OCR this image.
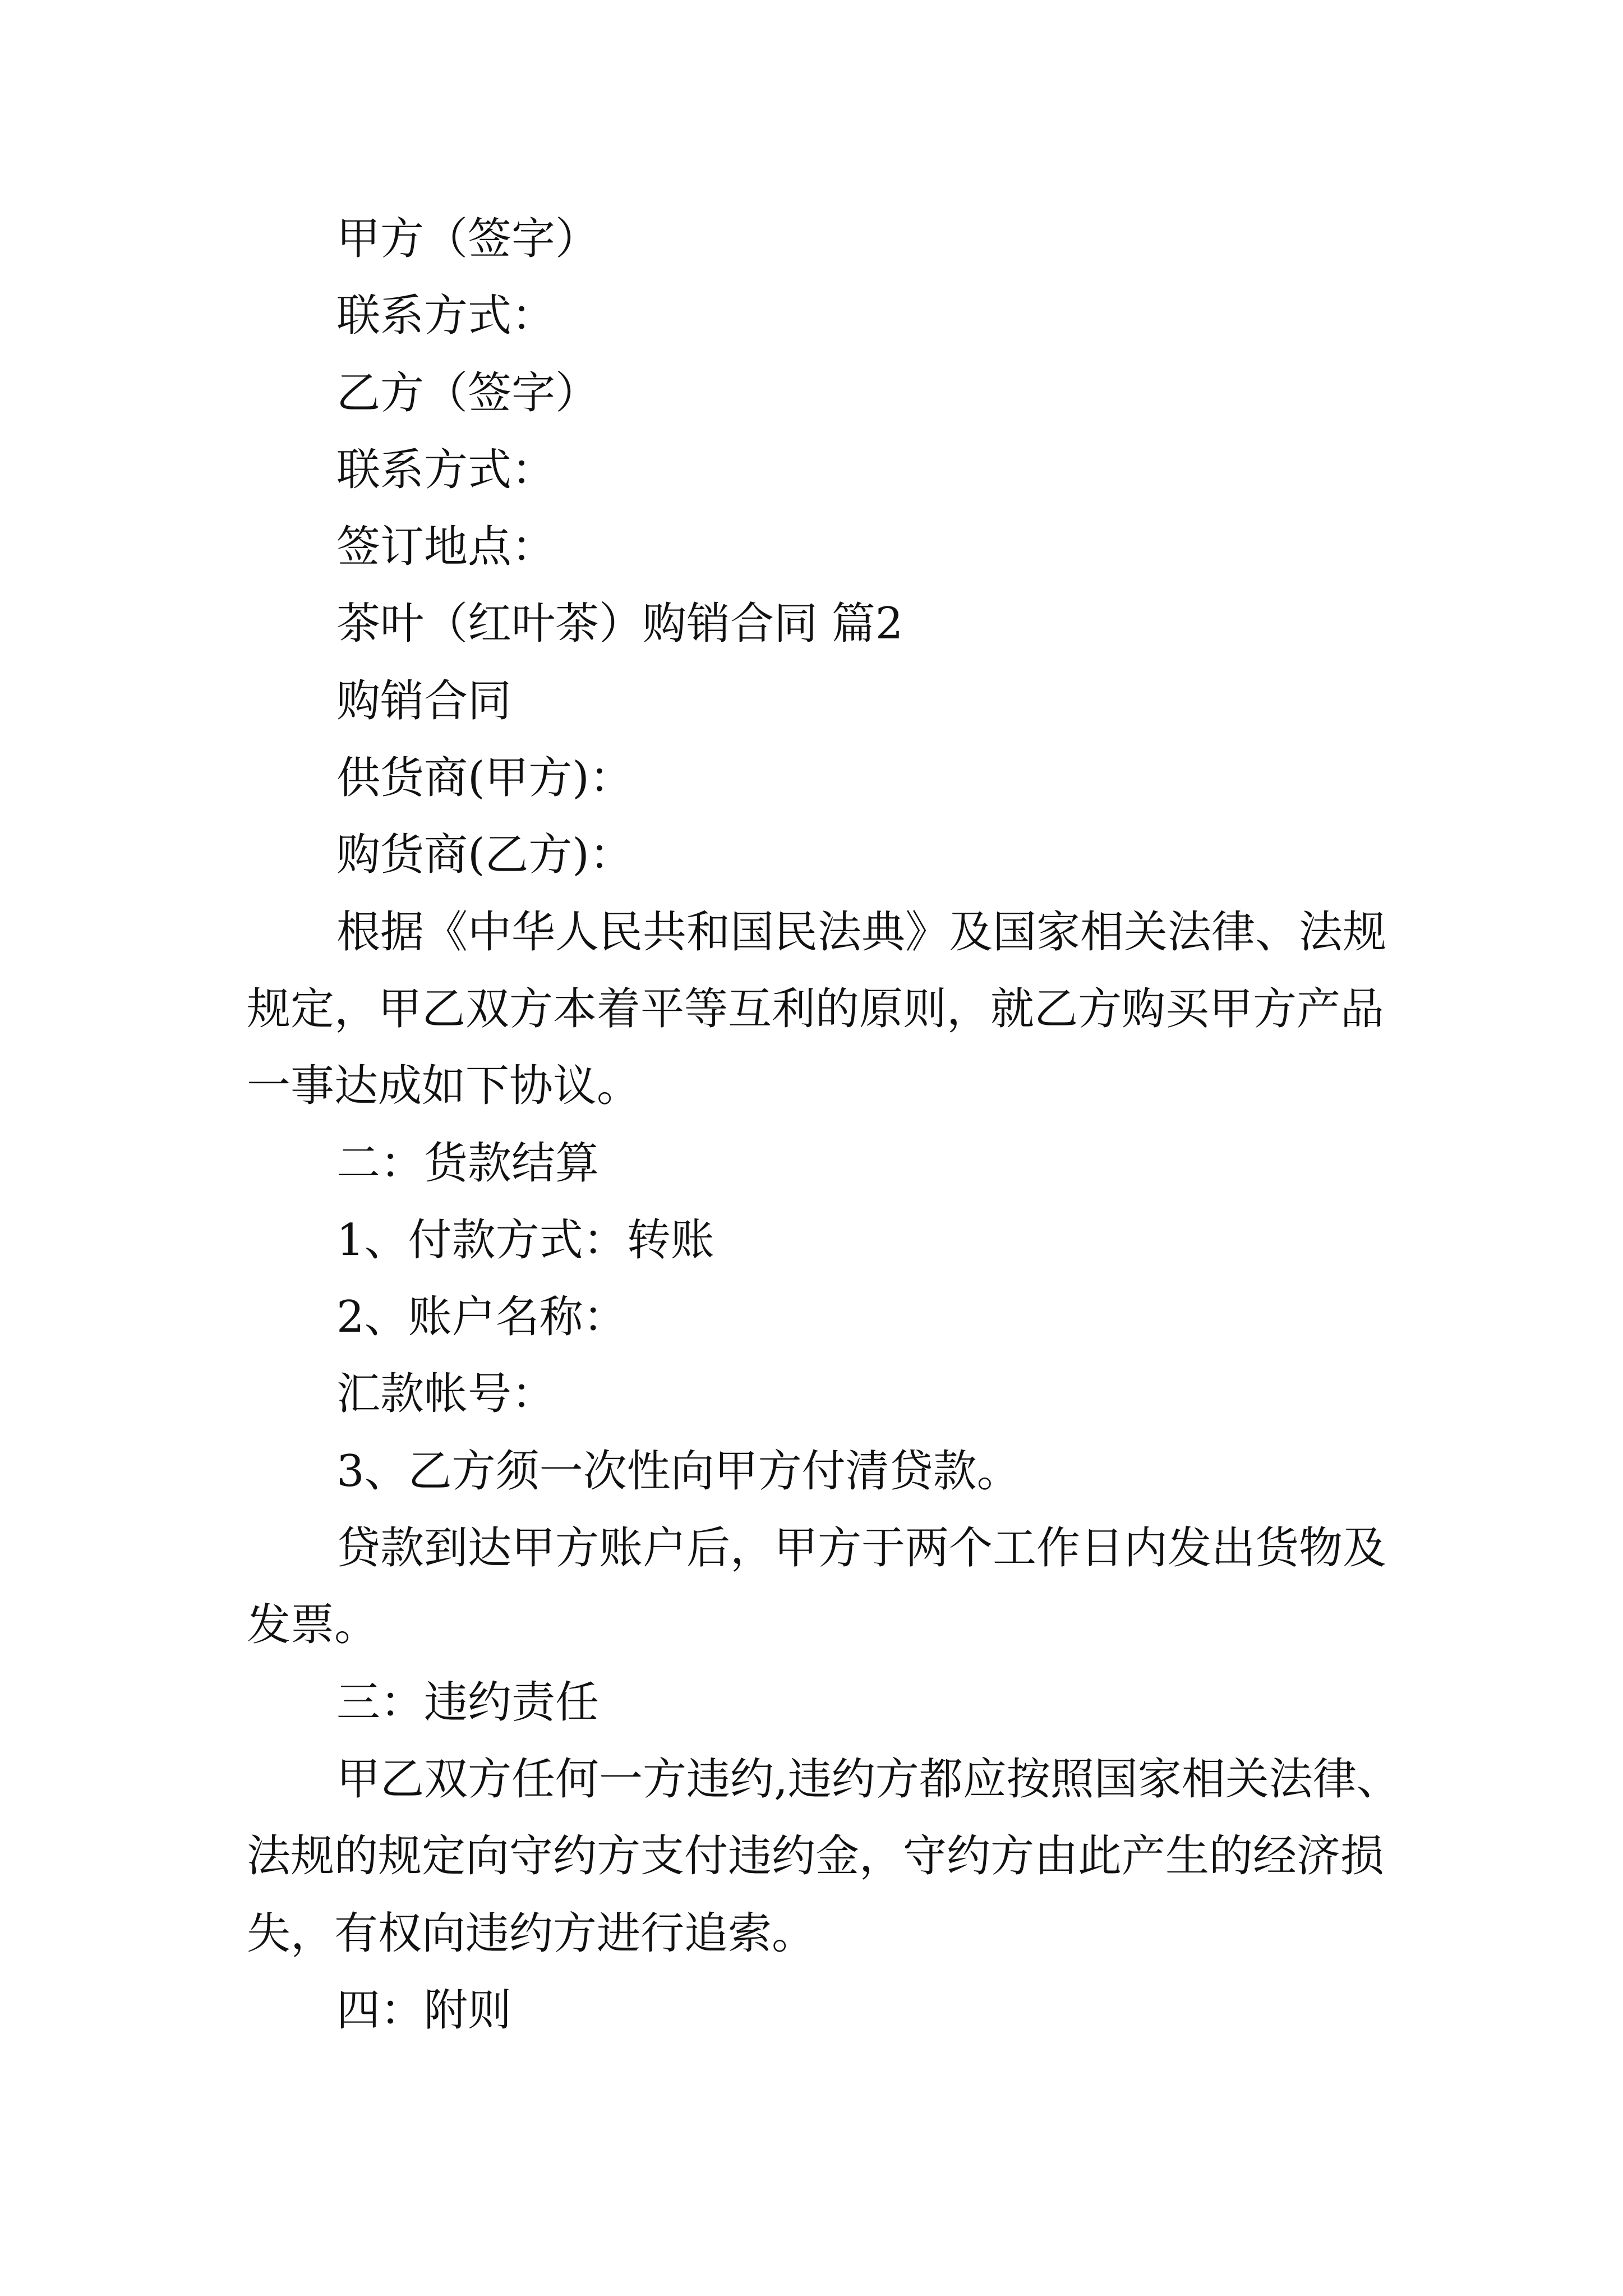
甲方（签字）
联系方式：
乙方（签字）
联系方式：
签订地点：
茶叶（红叶茶）购销合同 篇2
购销合同
供货商(甲方)：
购货商(乙方)：
根据《中华人民共和国民法典》及国家相关法律、法规
规定，甲乙双方本着平等互利的原则，就乙方购买甲方产品
一事达成如下协议。
二：货款结算
1、付款方式：转账
2、账户名称：
汇款帐号：
3、乙方须一次性向甲方付清贷款。
贷款到达甲方账户后，甲方于两个工作日内发出货物及
发票。
三：违约责任
甲乙双方任何一方违约,违约方都应按照国家相关法律、
法规的规定向守约方支付违约金，守约方由此产生的经济损
失，有权向违约方进行追索。
四：附则
